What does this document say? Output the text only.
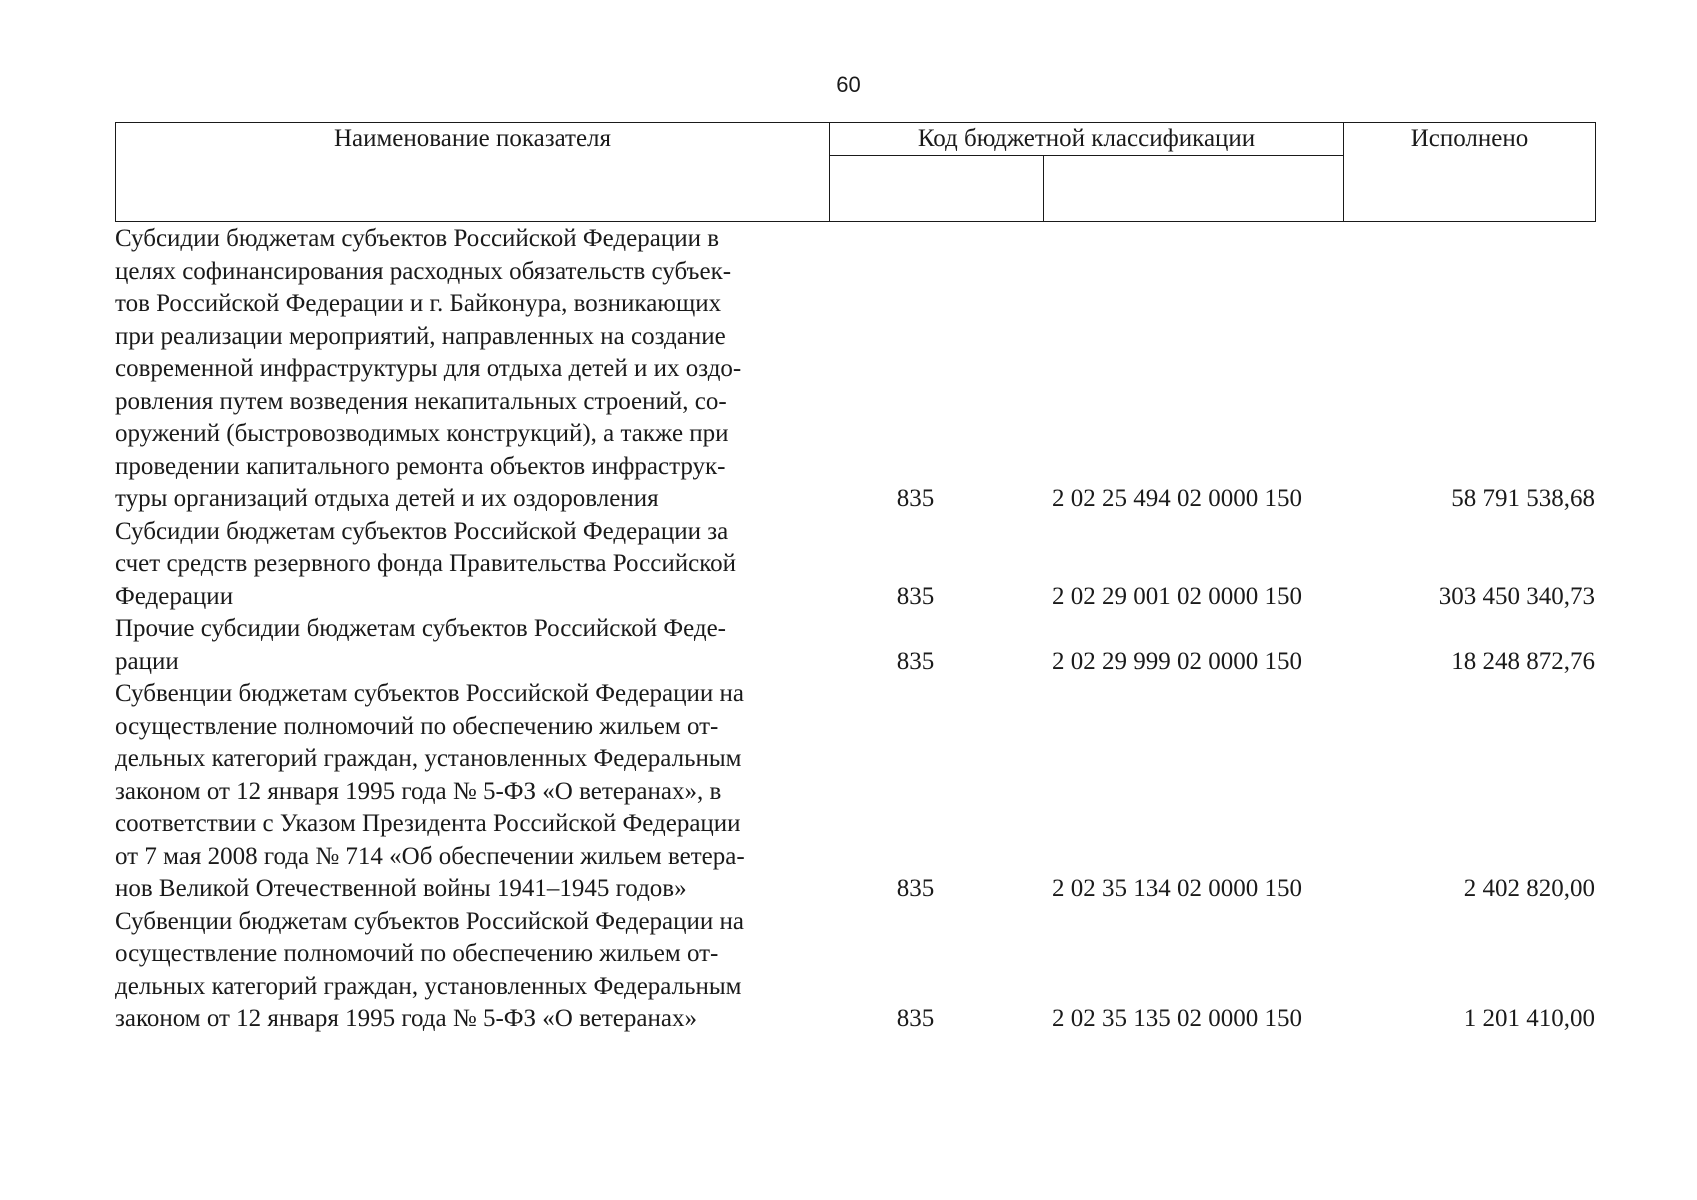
60
Наименование показателя	Код бюджетной классификации		Исполнено

Субсидии бюджетам субъектов Российской Федерации в
целях софинансирования расходных обязательств субъек-
тов Российской Федерации и г. Байконура, возникающих
при реализации мероприятий, направленных на создание
современной инфраструктуры для отдыха детей и их оздо-
ровления путем возведения некапитальных строений, со-
оружений (быстровозводимых конструкций), а также при
проведении капитального ремонта объектов инфраструк-
туры организаций отдыха детей и их оздоровления	835	2 02 25 494 02 0000 150	58 791 538,68
Субсидии бюджетам субъектов Российской Федерации за
счет средств резервного фонда Правительства Российской
Федерации	835	2 02 29 001 02 0000 150	303 450 340,73
Прочие субсидии бюджетам субъектов Российской Феде-
рации	835	2 02 29 999 02 0000 150	18 248 872,76
Субвенции бюджетам субъектов Российской Федерации на
осуществление полномочий по обеспечению жильем от-
дельных категорий граждан, установленных Федеральным
законом от 12 января 1995 года № 5-ФЗ «О ветеранах», в
соответствии с Указом Президента Российской Федерации
от 7 мая 2008 года № 714 «Об обеспечении жильем ветера-
нов Великой Отечественной войны 1941–1945 годов»	835	2 02 35 134 02 0000 150	2 402 820,00
Субвенции бюджетам субъектов Российской Федерации на
осуществление полномочий по обеспечению жильем от-
дельных категорий граждан, установленных Федеральным
законом от 12 января 1995 года № 5-ФЗ «О ветеранах»	835	2 02 35 135 02 0000 150	1 201 410,00
